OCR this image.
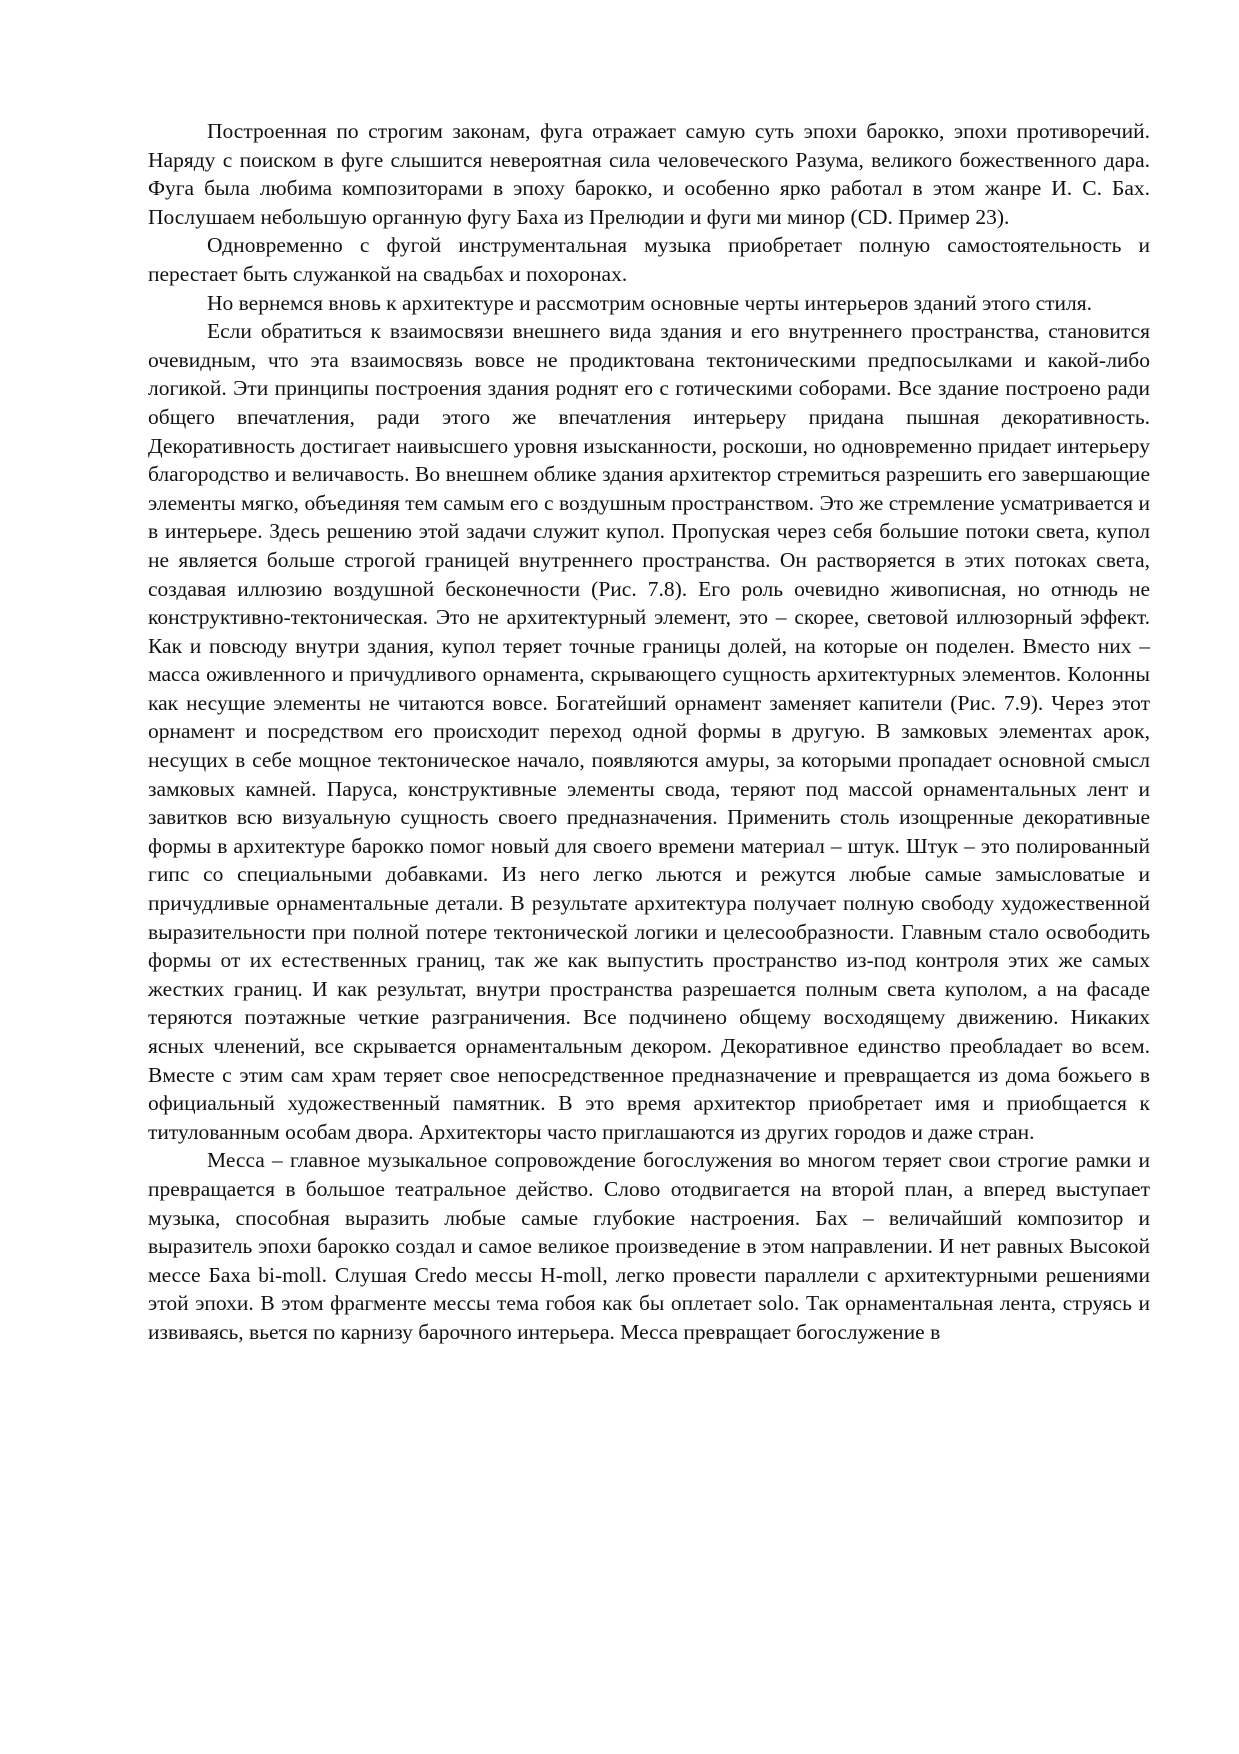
Построенная по строгим законам, фуга отражает самую суть эпохи барокко, эпохи противоречий. Наряду с поиском в фуге слышится невероятная сила человеческого Разума, великого божественного дара. Фуга была любима композиторами в эпоху барокко, и особенно ярко работал в этом жанре И. С. Бах. Послушаем небольшую органную фугу Баха из Прелюдии и фуги ми минор (CD. Пример 23).

Одновременно с фугой инструментальная музыка приобретает полную самостоятельность и перестает быть служанкой на свадьбах и похоронах.

Но вернемся вновь к архитектуре и рассмотрим основные черты интерьеров зданий этого стиля.

Если обратиться к взаимосвязи внешнего вида здания и его внутреннего пространства, становится очевидным, что эта взаимосвязь вовсе не продиктована тектоническими предпосылками и какой-либо логикой. Эти принципы построения здания роднят его с готическими соборами. Все здание построено ради общего впечатления, ради этого же впечатления интерьеру придана пышная декоративность. Декоративность достигает наивысшего уровня изысканности, роскоши, но одновременно придает интерьеру благородство и величавость. Во внешнем облике здания архитектор стремиться разрешить его завершающие элементы мягко, объединяя тем самым его с воздушным пространством. Это же стремление усматривается и в интерьере. Здесь решению этой задачи служит купол. Пропуская через себя большие потоки света, купол не является больше строгой границей внутреннего пространства. Он растворяется в этих потоках света, создавая иллюзию воздушной бесконечности (Рис. 7.8). Его роль очевидно живописная, но отнюдь не конструктивно-тектоническая. Это не архитектурный элемент, это – скорее, световой иллюзорный эффект. Как и повсюду внутри здания, купол теряет точные границы долей, на которые он поделен. Вместо них – масса оживленного и причудливого орнамента, скрывающего сущность архитектурных элементов. Колонны как несущие элементы не читаются вовсе. Богатейший орнамент заменяет капители (Рис. 7.9). Через этот орнамент и посредством его происходит переход одной формы в другую. В замковых элементах арок, несущих в себе мощное тектоническое начало, появляются амуры, за которыми пропадает основной смысл замковых камней. Паруса, конструктивные элементы свода, теряют под массой орнаментальных лент и завитков всю визуальную сущность своего предназначения. Применить столь изощренные декоративные формы в архитектуре барокко помог новый для своего времени материал – штук. Штук – это полированный гипс со специальными добавками. Из него легко льются и режутся любые самые замысловатые и причудливые орнаментальные детали. В результате архитектура получает полную свободу художественной выразительности при полной потере тектонической логики и целесообразности. Главным стало освободить формы от их естественных границ, так же как выпустить пространство из-под контроля этих же самых жестких границ. И как результат, внутри пространства разрешается полным света куполом, а на фасаде теряются поэтажные четкие разграничения. Все подчинено общему восходящему движению. Никаких ясных членений, все скрывается орнаментальным декором. Декоративное единство преобладает во всем. Вместе с этим сам храм теряет свое непосредственное предназначение и превращается из дома божьего в официальный художественный памятник. В это время архитектор приобретает имя и приобщается к титулованным особам двора. Архитекторы часто приглашаются из других городов и даже стран.

Месса – главное музыкальное сопровождение богослужения во многом теряет свои строгие рамки и превращается в большое театральное действо. Слово отодвигается на второй план, а вперед выступает музыка, способная выразить любые самые глубокие настроения. Бах – величайший композитор и выразитель эпохи барокко создал и самое великое произведение в этом направлении. И нет равных Высокой мессе Баха bi-moll. Слушая Credo мессы H-moll, легко провести параллели с архитектурными решениями этой эпохи. В этом фрагменте мессы тема гобоя как бы оплетает solo. Так орнаментальная лента, струясь и извиваясь, вьется по карнизу барочного интерьера. Месса превращает богослужение в
